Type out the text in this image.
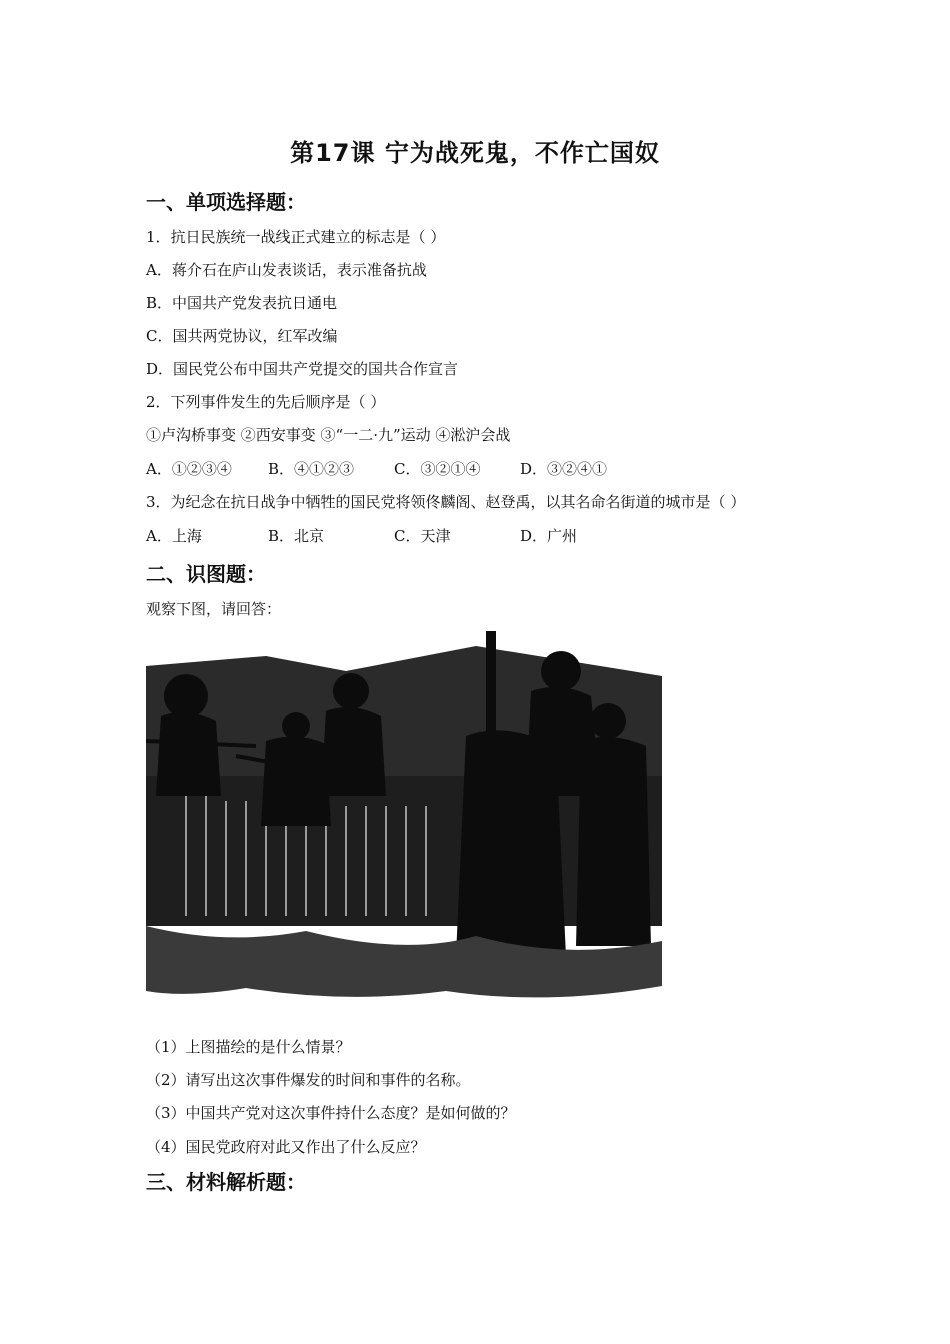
第17课 宁为战死鬼，不作亡国奴
一、单项选择题：
1．抗日民族统一战线正式建立的标志是（ ）
A．蒋介石在庐山发表谈话，表示准备抗战
B．中国共产党发表抗日通电
C．国共两党协议，红军改编
D．国民党公布中国共产党提交的国共合作宣言
2．下列事件发生的先后顺序是（ ）
①卢沟桥事变 ②西安事变 ③“一二·九”运动 ④淞沪会战
A．①②③④ B．④①②③	C．③②①④	D．③②④①
3．为纪念在抗日战争中牺牲的国民党将领佟麟阁、赵登禹，以其名命名街道的城市是（ ）
A．上海	B．北京	C．天津	D．广州
二、识图题：
观察下图，请回答：
（1）上图描绘的是什么情景？
（2）请写出这次事件爆发的时间和事件的名称。
（3）中国共产党对这次事件持什么态度？是如何做的？
（4）国民党政府对此又作出了什么反应？
三、材料解析题：
